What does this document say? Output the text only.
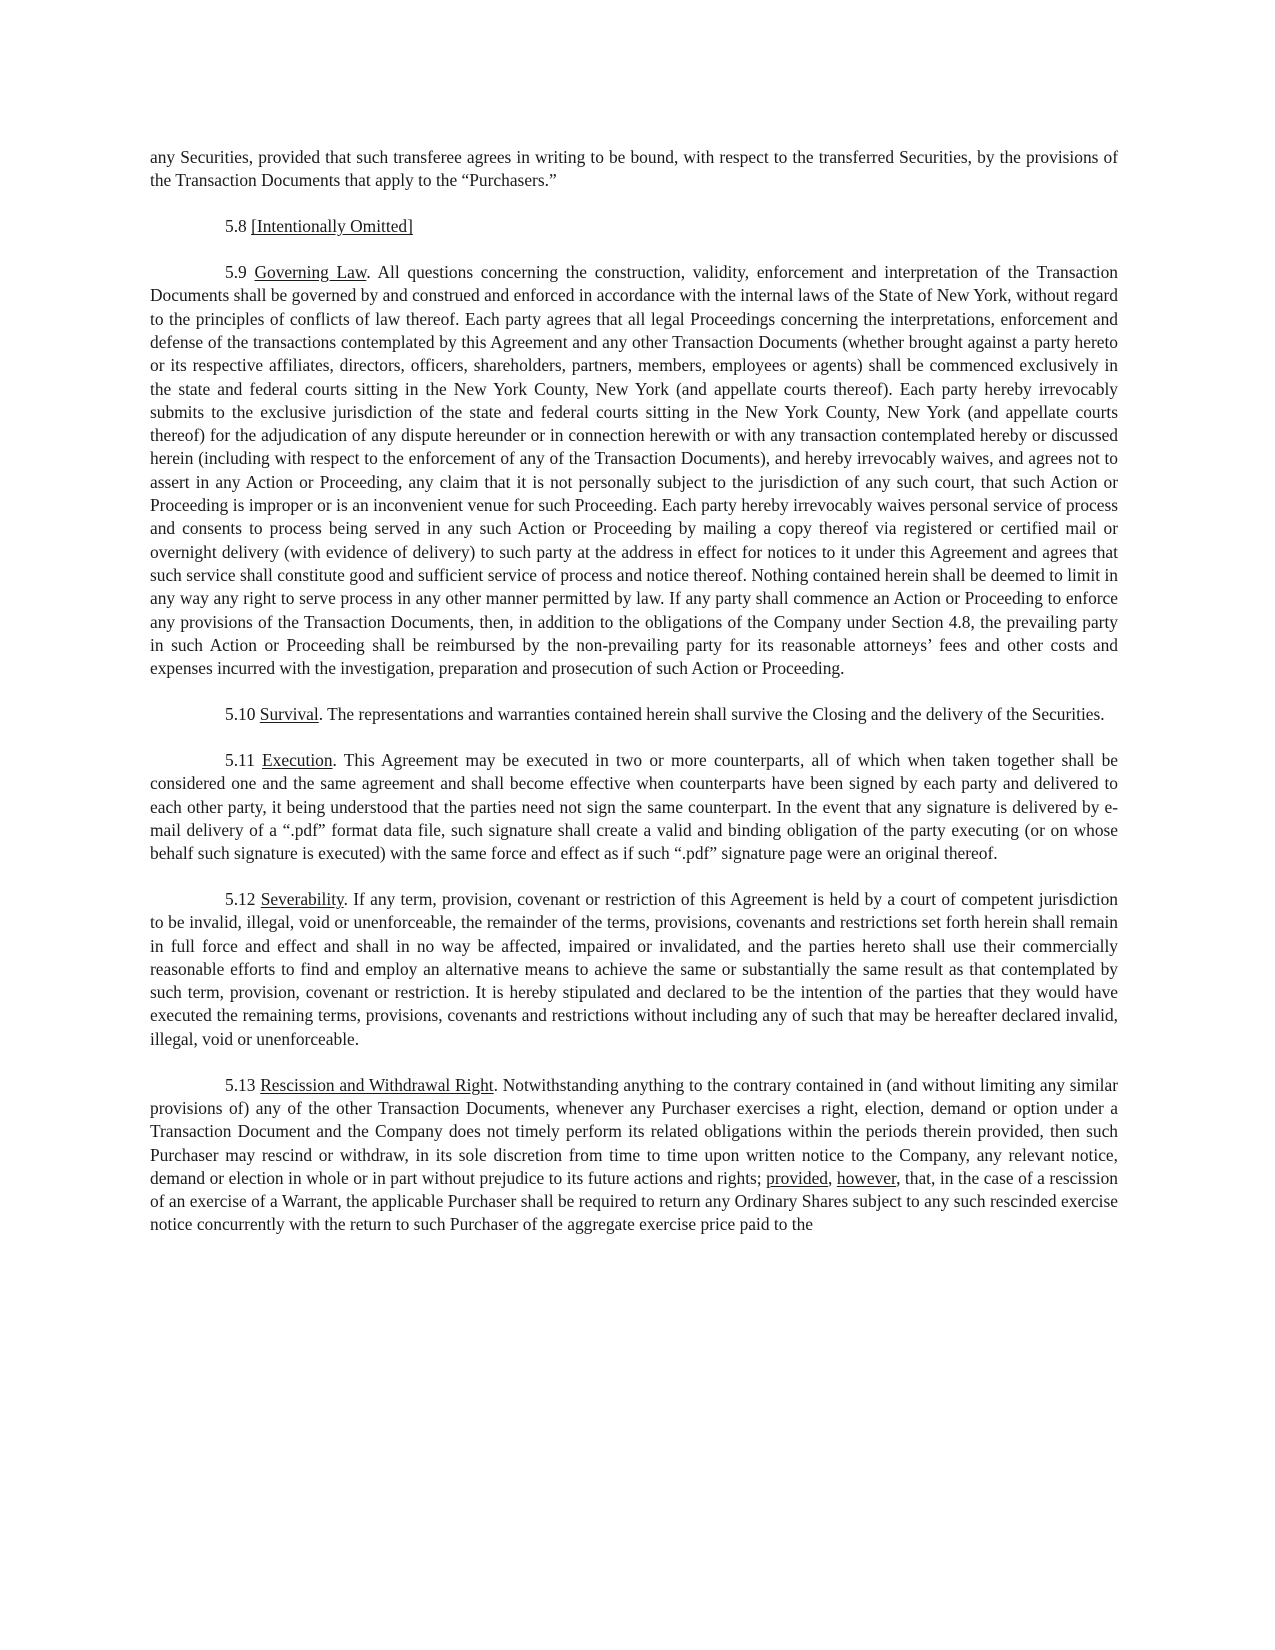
any Securities, provided that such transferee agrees in writing to be bound, with respect to the transferred Securities, by the provisions of the Transaction Documents that apply to the “Purchasers.”

5.8 [Intentionally Omitted]

5.9 Governing Law. All questions concerning the construction, validity, enforcement and interpretation of the Transaction Documents shall be governed by and construed and enforced in accordance with the internal laws of the State of New York, without regard to the principles of conflicts of law thereof. Each party agrees that all legal Proceedings concerning the interpretations, enforcement and defense of the transactions contemplated by this Agreement and any other Transaction Documents (whether brought against a party hereto or its respective affiliates, directors, officers, shareholders, partners, members, employees or agents) shall be commenced exclusively in the state and federal courts sitting in the New York County, New York (and appellate courts thereof). Each party hereby irrevocably submits to the exclusive jurisdiction of the state and federal courts sitting in the New York County, New York (and appellate courts thereof) for the adjudication of any dispute hereunder or in connection herewith or with any transaction contemplated hereby or discussed herein (including with respect to the enforcement of any of the Transaction Documents), and hereby irrevocably waives, and agrees not to assert in any Action or Proceeding, any claim that it is not personally subject to the jurisdiction of any such court, that such Action or Proceeding is improper or is an inconvenient venue for such Proceeding. Each party hereby irrevocably waives personal service of process and consents to process being served in any such Action or Proceeding by mailing a copy thereof via registered or certified mail or overnight delivery (with evidence of delivery) to such party at the address in effect for notices to it under this Agreement and agrees that such service shall constitute good and sufficient service of process and notice thereof. Nothing contained herein shall be deemed to limit in any way any right to serve process in any other manner permitted by law. If any party shall commence an Action or Proceeding to enforce any provisions of the Transaction Documents, then, in addition to the obligations of the Company under Section 4.8, the prevailing party in such Action or Proceeding shall be reimbursed by the non-prevailing party for its reasonable attorneys’ fees and other costs and expenses incurred with the investigation, preparation and prosecution of such Action or Proceeding.

5.10 Survival. The representations and warranties contained herein shall survive the Closing and the delivery of the Securities.

5.11 Execution. This Agreement may be executed in two or more counterparts, all of which when taken together shall be considered one and the same agreement and shall become effective when counterparts have been signed by each party and delivered to each other party, it being understood that the parties need not sign the same counterpart. In the event that any signature is delivered by e-mail delivery of a “.pdf” format data file, such signature shall create a valid and binding obligation of the party executing (or on whose behalf such signature is executed) with the same force and effect as if such “.pdf” signature page were an original thereof.

5.12 Severability. If any term, provision, covenant or restriction of this Agreement is held by a court of competent jurisdiction to be invalid, illegal, void or unenforceable, the remainder of the terms, provisions, covenants and restrictions set forth herein shall remain in full force and effect and shall in no way be affected, impaired or invalidated, and the parties hereto shall use their commercially reasonable efforts to find and employ an alternative means to achieve the same or substantially the same result as that contemplated by such term, provision, covenant or restriction. It is hereby stipulated and declared to be the intention of the parties that they would have executed the remaining terms, provisions, covenants and restrictions without including any of such that may be hereafter declared invalid, illegal, void or unenforceable.

5.13 Rescission and Withdrawal Right. Notwithstanding anything to the contrary contained in (and without limiting any similar provisions of) any of the other Transaction Documents, whenever any Purchaser exercises a right, election, demand or option under a Transaction Document and the Company does not timely perform its related obligations within the periods therein provided, then such Purchaser may rescind or withdraw, in its sole discretion from time to time upon written notice to the Company, any relevant notice, demand or election in whole or in part without prejudice to its future actions and rights; provided, however, that, in the case of a rescission of an exercise of a Warrant, the applicable Purchaser shall be required to return any Ordinary Shares subject to any such rescinded exercise notice concurrently with the return to such Purchaser of the aggregate exercise price paid to the
